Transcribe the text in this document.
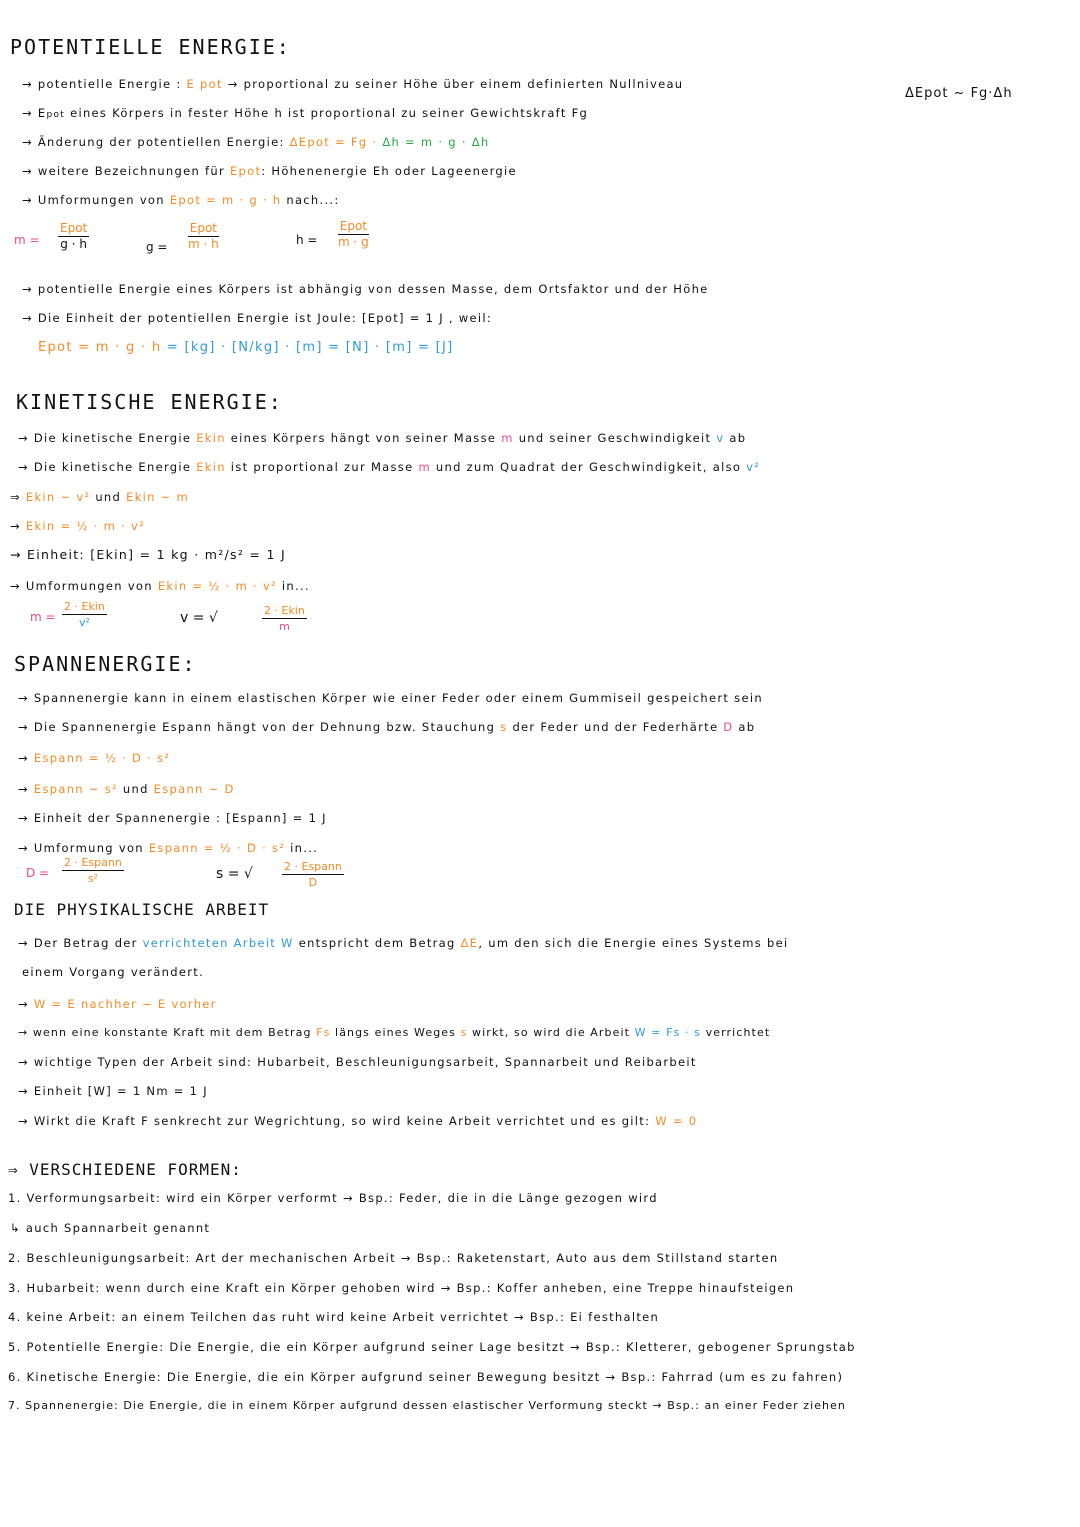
POTENTIELLE ENERGIE:
ΔEpot ~ Fg·Δh
→ potentielle Energie : E pot → proportional zu seiner Höhe über einem definierten Nullniveau
→ Epot eines Körpers in fester Höhe h ist proportional zu seiner Gewichtskraft Fg
→ Änderung der potentiellen Energie: ΔEpot = Fg · Δh = m · g · Δh
→ weitere Bezeichnungen für Epot: Höhenenergie Eh oder Lageenergie
→ Umformungen von Epot = m · g · h nach...:
m =
Epot
g · h	g =
Epot
m · h	h =
Epot
m · g
→ potentielle Energie eines Körpers ist abhängig von dessen Masse, dem Ortsfaktor und der Höhe
→ Die Einheit der potentiellen Energie ist Joule: [Epot] = 1 J , weil:
Epot = m · g · h = [kg] · [N/kg] · [m] = [N] · [m] = [J]
KINETISCHE ENERGIE:
→ Die kinetische Energie Ekin eines Körpers hängt von seiner Masse m und seiner Geschwindigkeit v ab
→ Die kinetische Energie Ekin ist proportional zur Masse m und zum Quadrat der Geschwindigkeit, also v²
⇒ Ekin ~ v² und Ekin ~ m
→ Ekin = ½ · m · v²
→ Einheit: [Ekin] = 1 kg · m²/s² = 1 J
→ Umformungen von Ekin = ½ · m · v² in...
m =
2 · Ekin
v²	v = √	2 · Ekin
m
SPANNENERGIE:
→ Spannenergie kann in einem elastischen Körper wie einer Feder oder einem Gummiseil gespeichert sein
→ Die Spannenergie Espann hängt von der Dehnung bzw. Stauchung s der Feder und der Federhärte D ab
→ Espann = ½ · D · s²
→ Espann ~ s² und Espann ~ D
→ Einheit der Spannenergie : [Espann] = 1 J
→ Umformung von Espann = ½ · D · s² in...
D =
2 · Espann
s²	s = √	2 · Espann
D
DIE PHYSIKALISCHE ARBEIT
→ Der Betrag der verrichteten Arbeit W entspricht dem Betrag ΔE, um den sich die Energie eines Systems bei
einem Vorgang verändert.
→ W = E nachher − E vorher
→ wenn eine konstante Kraft mit dem Betrag Fs längs eines Weges s wirkt, so wird die Arbeit W = Fs · s verrichtet
→ wichtige Typen der Arbeit sind: Hubarbeit, Beschleunigungsarbeit, Spannarbeit und Reibarbeit
→ Einheit [W] = 1 Nm = 1 J
→ Wirkt die Kraft F senkrecht zur Wegrichtung, so wird keine Arbeit verrichtet und es gilt: W = 0
⇒ VERSCHIEDENE FORMEN:
1. Verformungsarbeit: wird ein Körper verformt → Bsp.: Feder, die in die Länge gezogen wird
↳ auch Spannarbeit genannt
2. Beschleunigungsarbeit: Art der mechanischen Arbeit → Bsp.: Raketenstart, Auto aus dem Stillstand starten
3. Hubarbeit: wenn durch eine Kraft ein Körper gehoben wird → Bsp.: Koffer anheben, eine Treppe hinaufsteigen
4. keine Arbeit: an einem Teilchen das ruht wird keine Arbeit verrichtet → Bsp.: Ei festhalten
5. Potentielle Energie: Die Energie, die ein Körper aufgrund seiner Lage besitzt → Bsp.: Kletterer, gebogener Sprungstab
6. Kinetische Energie: Die Energie, die ein Körper aufgrund seiner Bewegung besitzt → Bsp.: Fahrrad (um es zu fahren)
7. Spannenergie: Die Energie, die in einem Körper aufgrund dessen elastischer Verformung steckt → Bsp.: an einer Feder ziehen
